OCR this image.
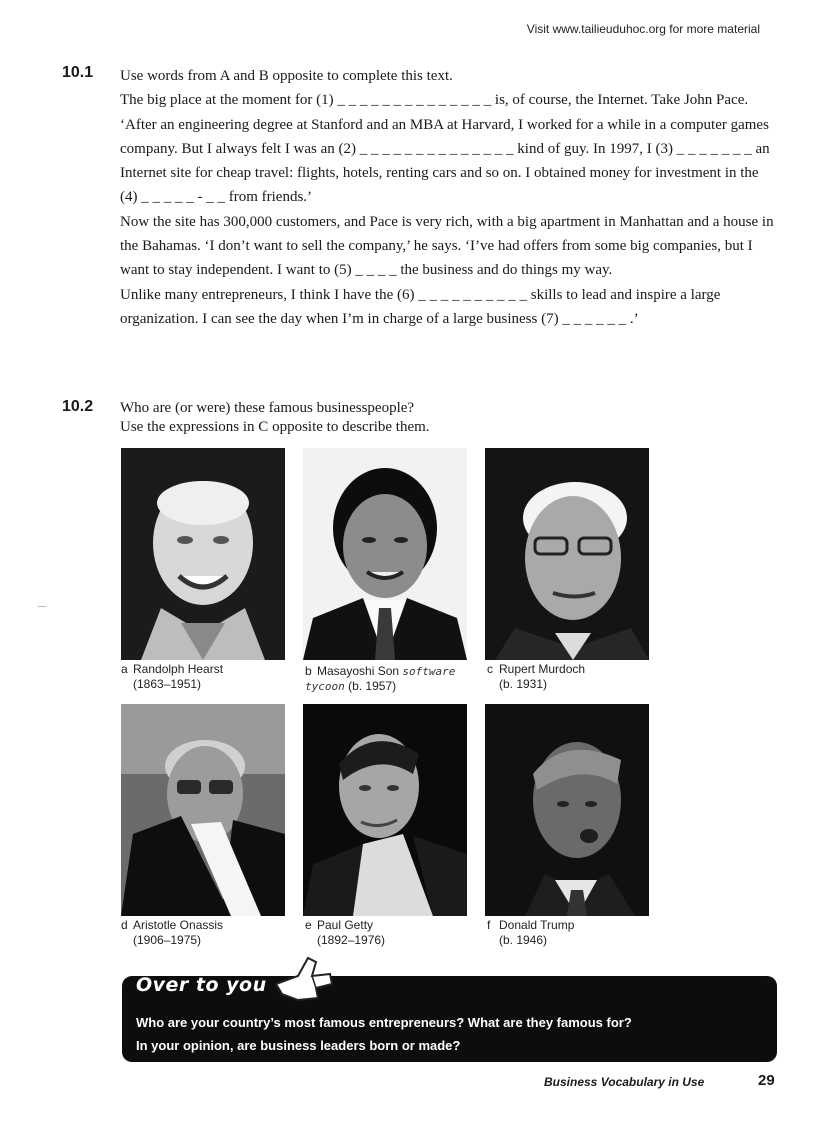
Visit www.tailieuduhoc.org for more material
10.1 Use words from A and B opposite to complete this text.

The big place at the moment for (1) _ _ _ _ _ _ _ _ _ _ _ _ _ _ is, of course, the Internet. Take John Pace. ‘After an engineering degree at Stanford and an MBA at Harvard, I worked for a while in a computer games company. But I always felt I was an (2) _ _ _ _ _ _ _ _ _ _ _ _ _ _ kind of guy. In 1997, I (3) _ _ _ _ _ _ _ an Internet site for cheap travel: flights, hotels, renting cars and so on. I obtained money for investment in the (4) _ _ _ _ _ - _ _ from friends.’

Now the site has 300,000 customers, and Pace is very rich, with a big apartment in Manhattan and a house in the Bahamas. ‘I don’t want to sell the company,’ he says. ‘I’ve had offers from some big companies, but I want to stay independent. I want to (5) _ _ _ _ the business and do things my way.

Unlike many entrepreneurs, I think I have the (6) _ _ _ _ _ _ _ _ _ _ skills to lead and inspire a large organization. I can see the day when I’m in charge of a large business (7) _ _ _ _ _ _ .’

10.2 Who are (or were) these famous businesspeople?

Use the expressions in C opposite to describe them.

a Randolph Hearst
(1863–1951)
b Masayoshi Son software tycoon (b. 1957)
c Rupert Murdoch
(b. 1931)
d Aristotle Onassis
(1906–1975)
e Paul Getty
(1892–1976)
f Donald Trump
(b. 1946)
Over to you
Who are your country’s most famous entrepreneurs? What are they famous for?
In your opinion, are business leaders born or made?
Business Vocabulary in Use	29
